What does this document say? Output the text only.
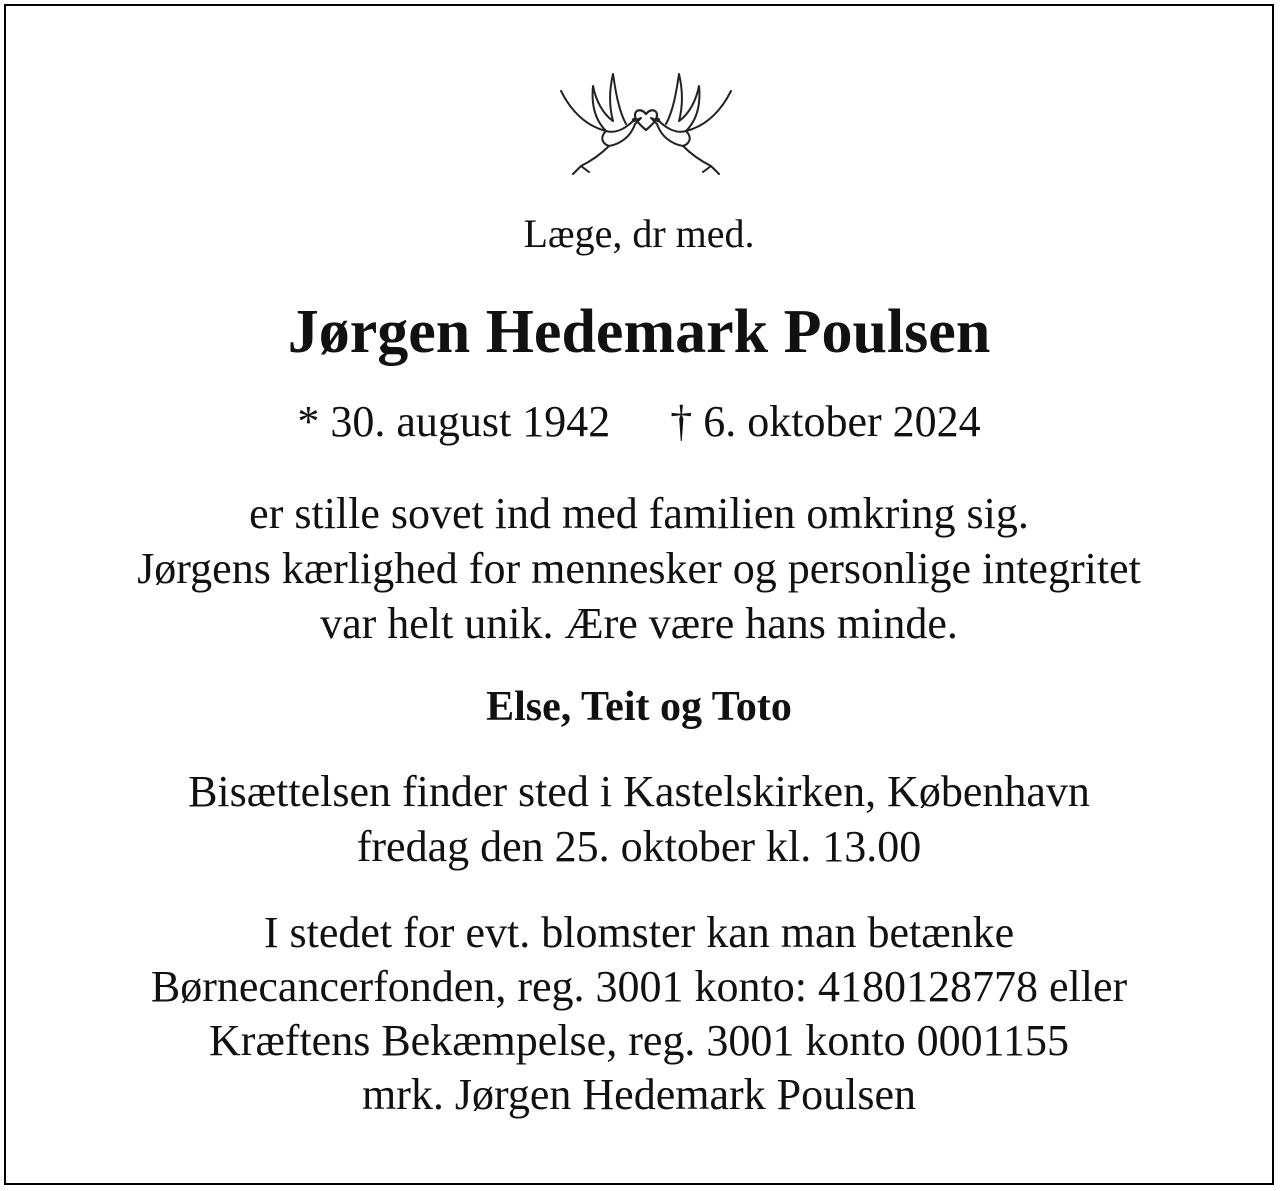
Læge, dr med.
Jørgen Hedemark Poulsen
* 30. august 1942 † 6. oktober 2024
er stille sovet ind med familien omkring sig.
Jørgens kærlighed for mennesker og personlige integritet
var helt unik. Ære være hans minde.
Else, Teit og Toto
Bisættelsen finder sted i Kastelskirken, København
fredag den 25. oktober kl. 13.00
I stedet for evt. blomster kan man betænke
Børnecancerfonden, reg. 3001 konto: 4180128778 eller
Kræftens Bekæmpelse, reg. 3001 konto 0001155
mrk. Jørgen Hedemark Poulsen
